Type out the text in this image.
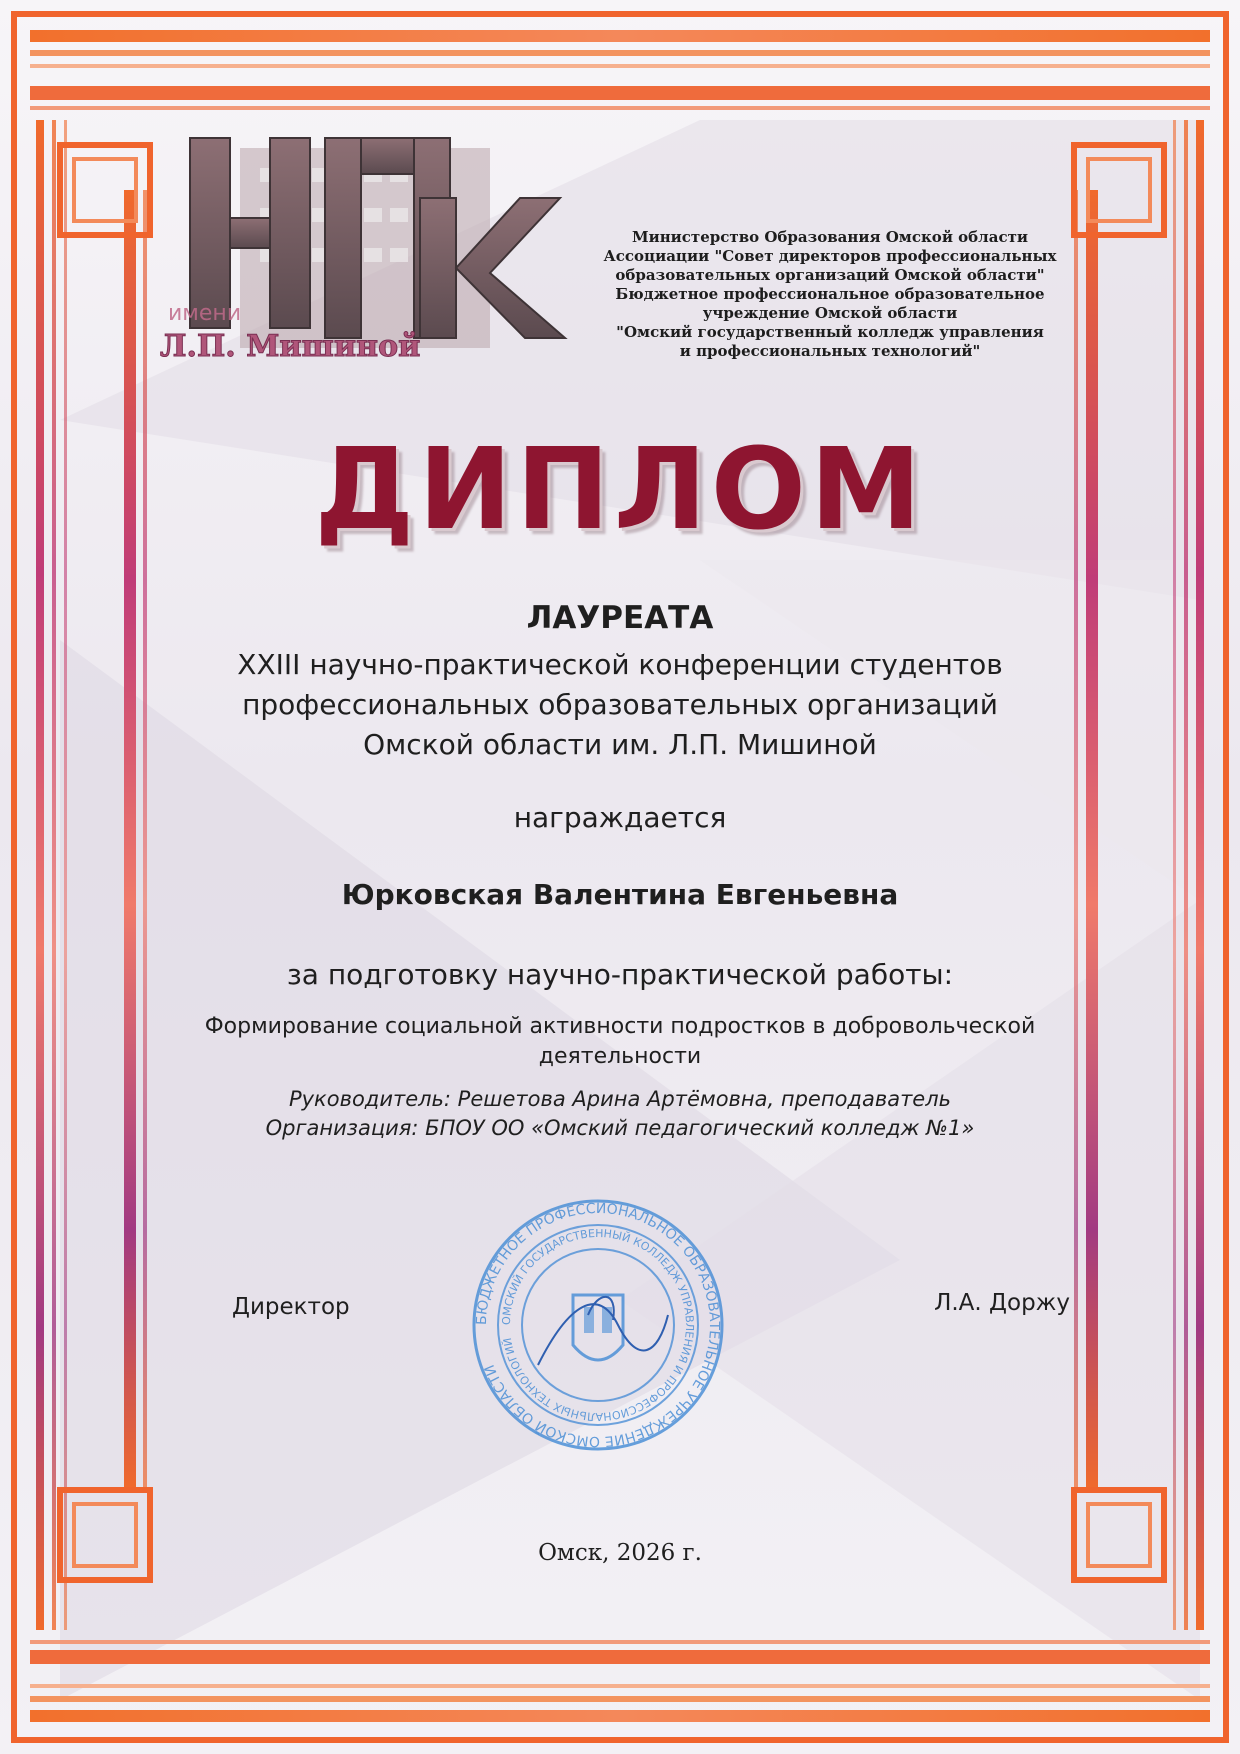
имени
Л.П. Мишиной
Министерство Образования Омской области
Ассоциации "Совет директоров профессиональных
образовательных организаций Омской области"
Бюджетное профессиональное образовательное
учреждение Омской области
"Омский государственный колледж управления
и профессиональных технологий"
ДИПЛОМ
ЛАУРЕАТА
XXIII научно-практической конференции студентов
профессиональных образовательных организаций
Омской области им. Л.П. Мишиной
награждается
Юрковская Валентина Евгеньевна
за подготовку научно-практической работы:
Формирование социальной активности подростков в добровольческой
деятельности
Руководитель: Решетова Арина Артёмовна, преподаватель
Организация: БПОУ ОО «Омский педагогический колледж №1»
Директор	Л.А. Доржу
БЮДЖЕТНОЕ ПРОФЕССИОНАЛЬНОЕ ОБРАЗОВАТЕЛЬНОЕ УЧРЕЖДЕНИЕ ОМСКОЙ ОБЛАСТИ
ОМСКИЙ ГОСУДАРСТВЕННЫЙ КОЛЛЕДЖ УПРАВЛЕНИЯ И ПРОФЕССИОНАЛЬНЫХ ТЕХНОЛОГИЙ
Омск, 2026 г.
